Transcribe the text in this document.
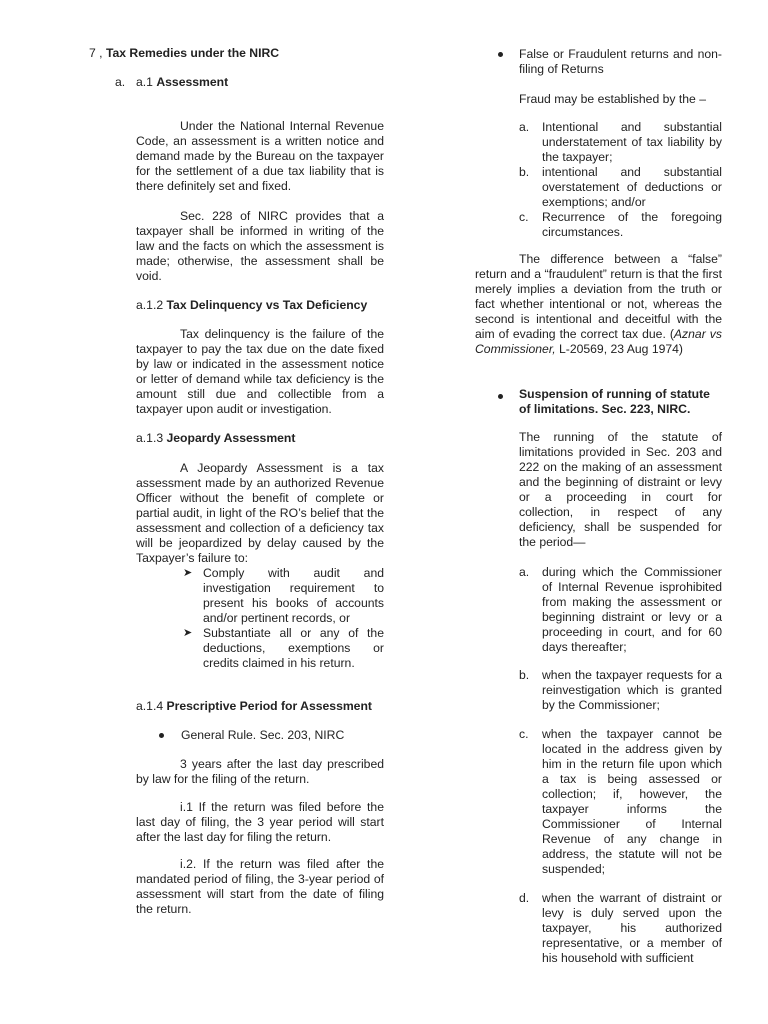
7 , Tax Remedies under the NIRC

a. a.1 Assessment

Under the National Internal Revenue Code, an assessment is a written notice and demand made by the Bureau on the taxpayer for the settlement of a due tax liability that is there definitely set and fixed.

Sec. 228 of NIRC provides that a taxpayer shall be informed in writing of the law and the facts on which the assessment is made; otherwise, the assessment shall be void.

a.1.2 Tax Delinquency vs Tax Deficiency

Tax delinquency is the failure of the taxpayer to pay the tax due on the date fixed by law or indicated in the assessment notice or letter of demand while tax deficiency is the amount still due and collectible from a taxpayer upon audit or investigation.

a.1.3 Jeopardy Assessment

A Jeopardy Assessment is a tax assessment made by an authorized Revenue Officer without the benefit of complete or partial audit, in light of the RO’s belief that the assessment and collection of a deficiency tax will be jeopardized by delay caused by the Taxpayer’s failure to:

➤ Comply with audit and investigation requirement to present his books of accounts and/or pertinent records, or

➤ Substantiate all or any of the deductions, exemptions or credits claimed in his return.

a.1.4 Prescriptive Period for Assessment

General Rule. Sec. 203, NIRC

3 years after the last day prescribed by law for the filing of the return.

i.1 If the return was filed before the last day of filing, the 3 year period will start after the last day for filing the return.

i.2. If the return was filed after the mandated period of filing, the 3-year period of assessment will start from the date of filing the return.

False or Fraudulent returns and non-filing of Returns

Fraud may be established by the –

a. Intentional and substantial understatement of tax liability by the taxpayer;

b. intentional and substantial overstatement of deductions or exemptions; and/or

c. Recurrence of the foregoing circumstances.

The difference between a “false” return and a “fraudulent” return is that the first merely implies a deviation from the truth or fact whether intentional or not, whereas the second is intentional and deceitful with the aim of evading the correct tax due. (Aznar vs Commissioner, L-20569, 23 Aug 1974)

Suspension of running of statute of limitations. Sec. 223, NIRC.

The running of the statute of limitations provided in Sec. 203 and 222 on the making of an assessment and the beginning of distraint or levy or a proceeding in court for collection, in respect of any deficiency, shall be suspended for the period—

a. during which the Commissioner of Internal Revenue isprohibited from making the assessment or beginning distraint or levy or a proceeding in court, and for 60 days thereafter;

b. when the taxpayer requests for a reinvestigation which is granted by the Commissioner;

c. when the taxpayer cannot be located in the address given by him in the return file upon which a tax is being assessed or collection; if, however, the taxpayer informs the Commissioner of Internal Revenue of any change in address, the statute will not be suspended;

d. when the warrant of distraint or levy is duly served upon the taxpayer, his authorized representative, or a member of his household with sufficient
